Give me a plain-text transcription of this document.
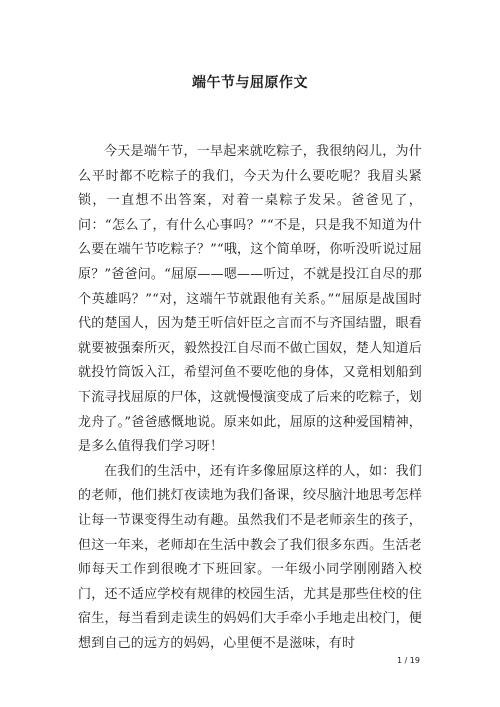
端午节与屈原作文

今天是端午节，一早起来就吃粽子，我很纳闷儿，为什么平时都不吃粽子的我们，今天为什么要吃呢？我眉头紧锁，一直想不出答案，对着一桌粽子发呆。爸爸见了，问：“怎么了，有什么心事吗？”“不是，只是我不知道为什么要在端午节吃粽子？”“哦，这个简单呀，你听没听说过屈原？”爸爸问。“屈原——嗯——听过，不就是投江自尽的那个英雄吗？”“对，这端午节就跟他有关系。”“屈原是战国时代的楚国人，因为楚王听信奸臣之言而不与齐国结盟，眼看就要被强秦所灭，毅然投江自尽而不做亡国奴，楚人知道后就投竹筒饭入江，希望河鱼不要吃他的身体，又竟相划船到下流寻找屈原的尸体，这就慢慢演变成了后来的吃粽子，划龙舟了。”爸爸感慨地说。原来如此，屈原的这种爱国精神，是多么值得我们学习呀！

在我们的生活中，还有许多像屈原这样的人，如：我们的老师，他们挑灯夜读地为我们备课，绞尽脑汁地思考怎样让每一节课变得生动有趣。虽然我们不是老师亲生的孩子，但这一年来，老师却在生活中教会了我们很多东西。生活老师每天工作到很晚才下班回家。一年级小同学刚刚踏入校门，还不适应学校有规律的校园生活，尤其是那些住校的住宿生，每当看到走读生的妈妈们大手牵小手地走出校门，便想到自己的远方的妈妈，心里便不是滋味，有时

1 / 19
